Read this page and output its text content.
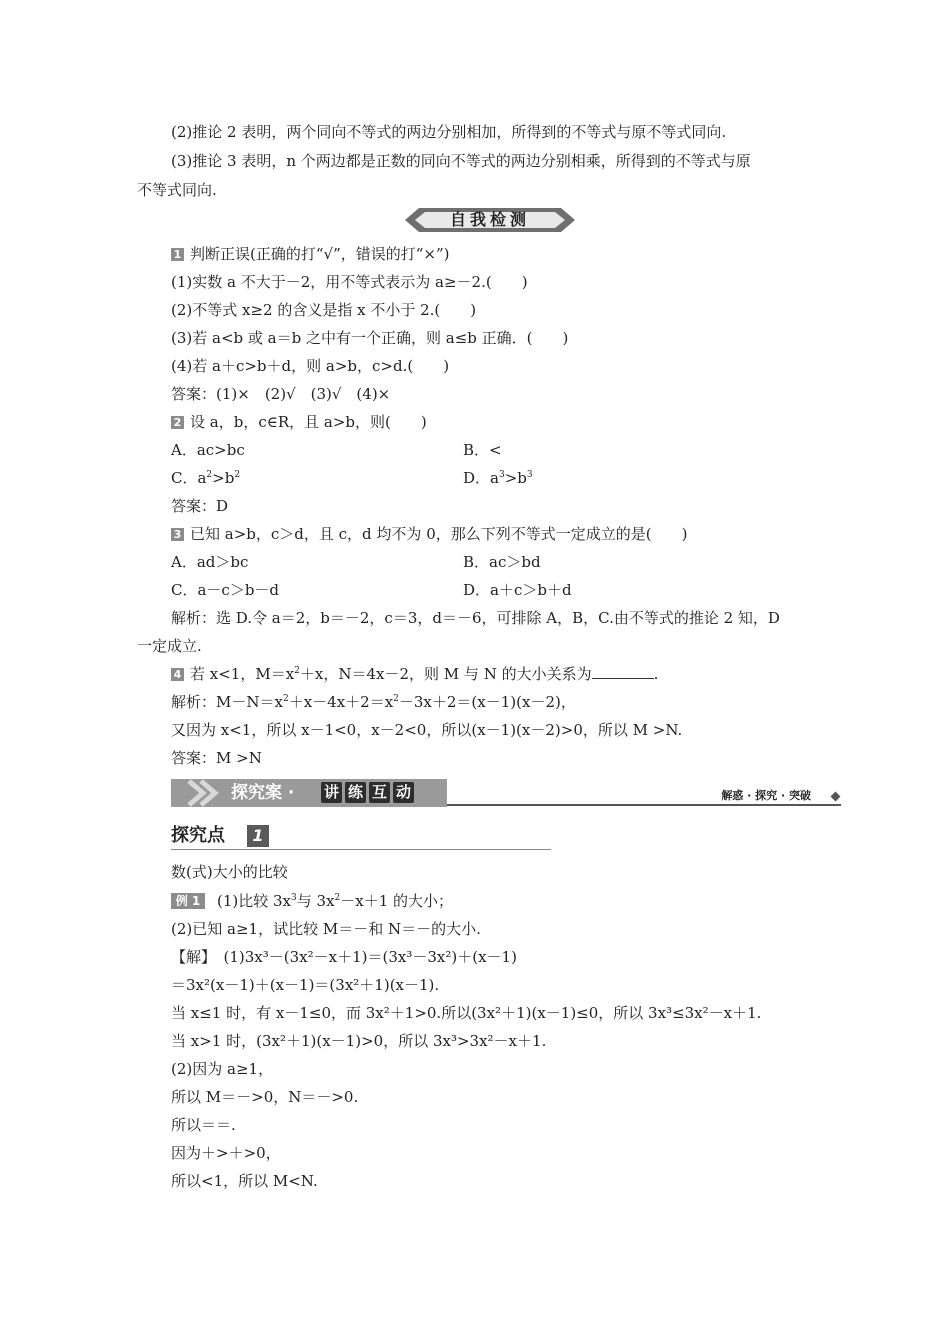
(2)推论 2 表明，两个同向不等式的两边分别相加，所得到的不等式与原不等式同向.
(3)推论 3 表明，n 个两边都是正数的同向不等式的两边分别相乘，所得到的不等式与原
不等式同向.
自我检测
1 判断正误(正确的打“√”，错误的打“×”)
(1)实数 a 不大于－2，用不等式表示为 a≥－2.(　　)
(2)不等式 x≥2 的含义是指 x 不小于 2.(　　)
(3)若 a<b 或 a＝b 之中有一个正确，则 a≤b 正确．(　　)
(4)若 a＋c>b＋d，则 a>b，c>d.(　　)
答案：(1)×　(2)√　(3)√　(4)×
2 设 a，b，c∈R，且 a>b，则(　　)
A．ac>bc	B．<
C．$a^2>b^2$	D．$a^3>b^3$
答案：D
3 已知 a>b，c＞d，且 c，d 均不为 0，那么下列不等式一定成立的是(　　)
A．ad＞bc	B．ac＞bd
C．a－c＞b－d	D．a＋c＞b＋d
解析：选 D.令 a＝2，b＝－2，c＝3，d＝－6，可排除 A，B，C.由不等式的推论 2 知，D
一定成立.
4 若 x<1，$M=x^2+x$，N＝4x－2，则 M 与 N 的大小关系为	.
解析：$M-N=x^2+x-4x+2=x^2-3x+2=(x-1)(x-2)$，
又因为 x<1，所以 x－1<0，x－2<0，所以(x－1)(x－2)>0，所以 M >N.
答案：M >N
探究案 · 讲 练 互 动	解惑 · 探究 · 突破
探究点	1
数(式)大小的比较
例 1 (1)比较 $3x^3$与 $3x^2-x+1$ 的大小；
(2)已知 a≥1，试比较 M＝－和 N＝－的大小.
【解】　(1)3x³－(3x²－x＋1)＝(3x³－3x²)＋(x－1)
＝3x²(x－1)＋(x－1)＝(3x²＋1)(x－1).
当 x≤1 时，有 x－1≤0，而 3x²＋1>0.所以(3x²＋1)(x－1)≤0，所以 3x³≤3x²－x＋1.
当 x>1 时，(3x²＋1)(x－1)>0，所以 3x³>3x²－x＋1.
(2)因为 a≥1，
所以 M＝－>0，N＝－>0.
所以＝＝.
因为＋>＋>0，
所以<1，所以 M<N.
